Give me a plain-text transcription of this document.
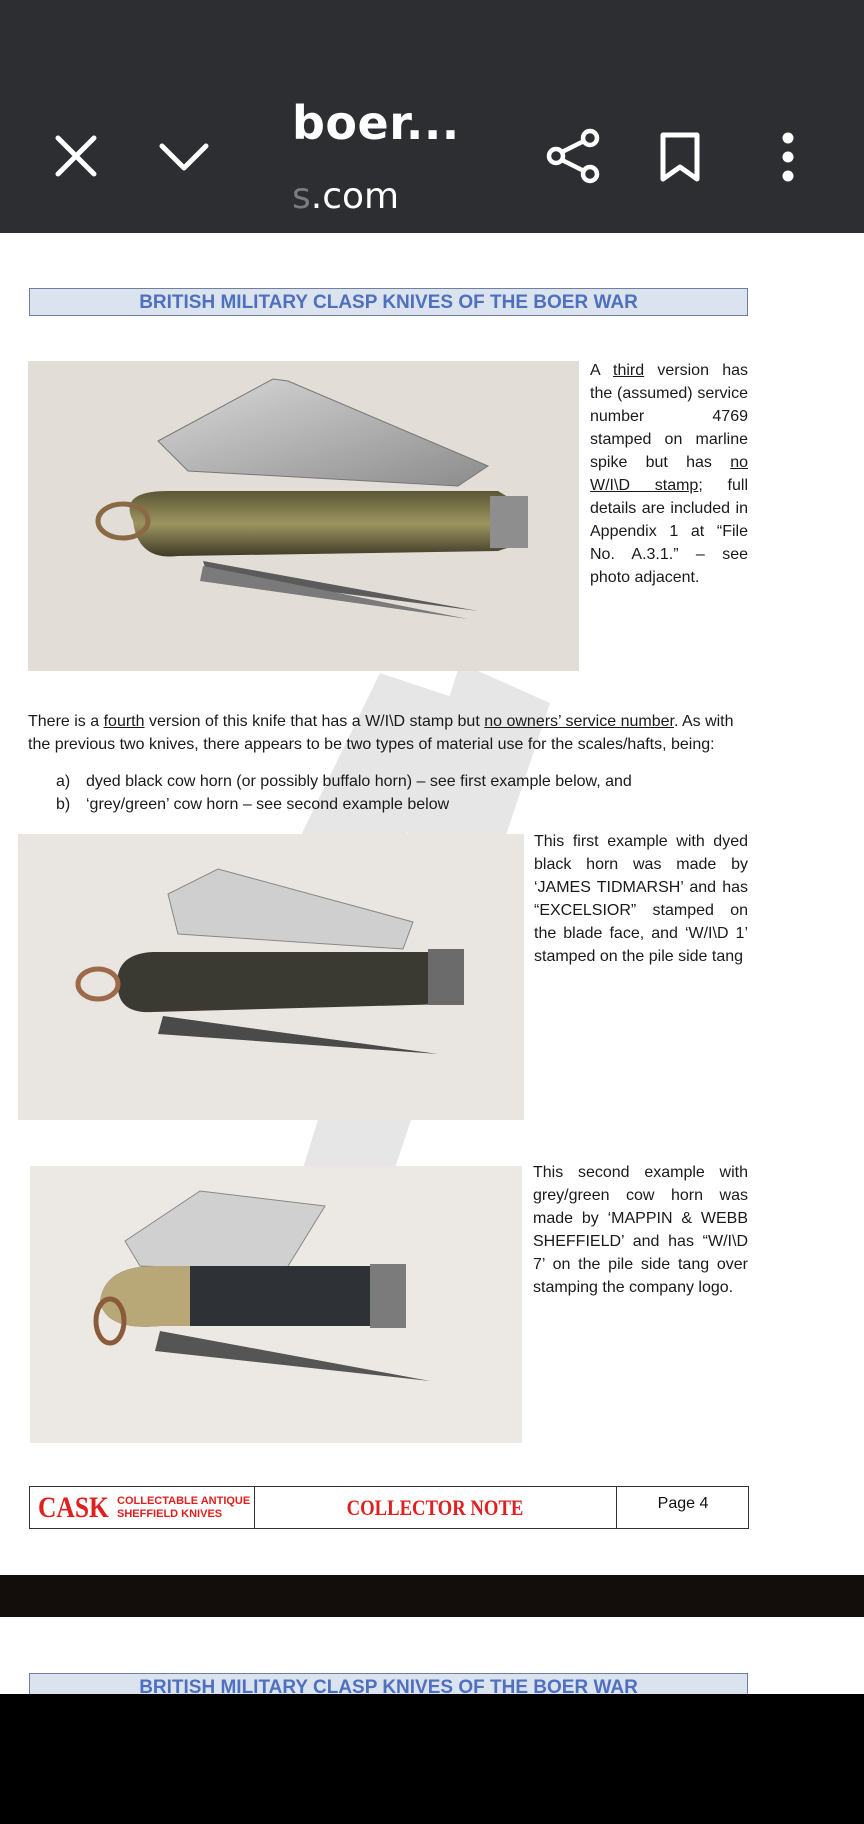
boer...
s.com
BRITISH MILITARY CLASP KNIVES OF THE BOER WAR

A third version has the (assumed) service number 4769 stamped on marline spike but has no W/I\D stamp; full details are included in Appendix 1 at “File No. A.3.1.” – see photo adjacent.

There is a fourth version of this knife that has a W/I\D stamp but no owners’ service number. As with the previous two knives, there appears to be two types of material use for the scales/hafts, being:

a) dyed black cow horn (or possibly buffalo horn) – see first example below, and
b) ‘grey/green’ cow horn – see second example below

This first example with dyed black horn was made by ‘JAMES TIDMARSH’ and has “EXCELSIOR” stamped on the blade face, and ‘W/I\D 1’ stamped on the pile side tang

This second example with grey/green cow horn was made by ‘MAPPIN & WEBB SHEFFIELD’ and has “W/I\D 7’ on the pile side tang over stamping the company logo.

CASK COLLECTABLE ANTIQUE
SHEFFIELD KNIVES	COLLECTOR NOTE	Page 4
BRITISH MILITARY CLASP KNIVES OF THE BOER WAR
